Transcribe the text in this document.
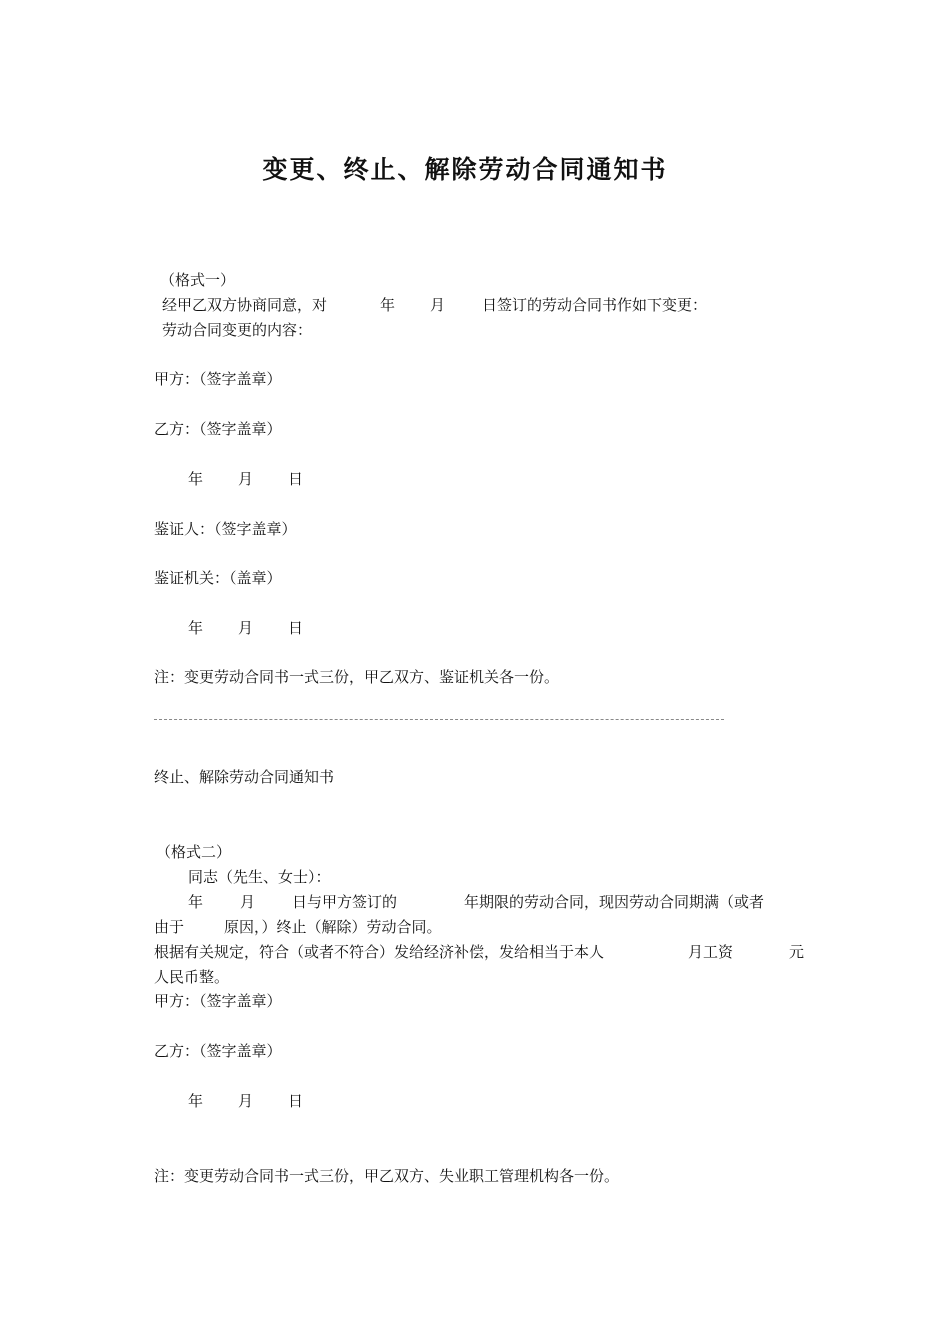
变更、终止、解除劳动合同通知书
（格式一）
经甲乙双方协商同意，对	年 月 日签订的劳动合同书作如下变更：
劳动合同变更的内容：
甲方：（签字盖章）
乙方：（签字盖章）
年 月 日
鉴证人：（签字盖章）
鉴证机关：（盖章）
年 月 日
注：变更劳动合同书一式三份，甲乙双方、鉴证机关各一份。
终止、解除劳动合同通知书
（格式二）
同志（先生、女士）：
年 月 日与甲方签订的	年期限的劳动合同，现因劳动合同期满（或者
由于	原因，）终止（解除）劳动合同。
根据有关规定，符合（或者不符合）发给经济补偿，发给相当于本人	月工资	元
人民币整。
甲方：（签字盖章）
乙方：（签字盖章）
年 月 日
注：变更劳动合同书一式三份，甲乙双方、失业职工管理机构各一份。
